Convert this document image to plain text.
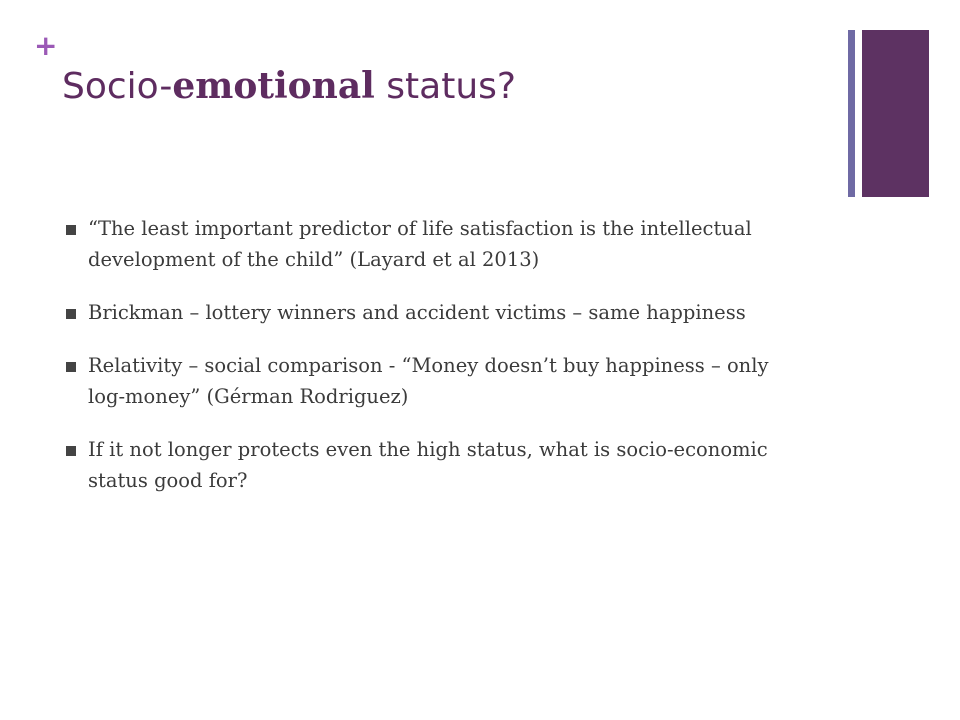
+
Socio-emotional status?
“The least important predictor of life satisfaction is the intellectual development of the child” (Layard et al 2013)
Brickman – lottery winners and accident victims – same happiness
Relativity – social comparison - “Money doesn’t buy happiness – only log-money” (Gérman Rodriguez)
If it not longer protects even the high status, what is socio-economic status good for?
